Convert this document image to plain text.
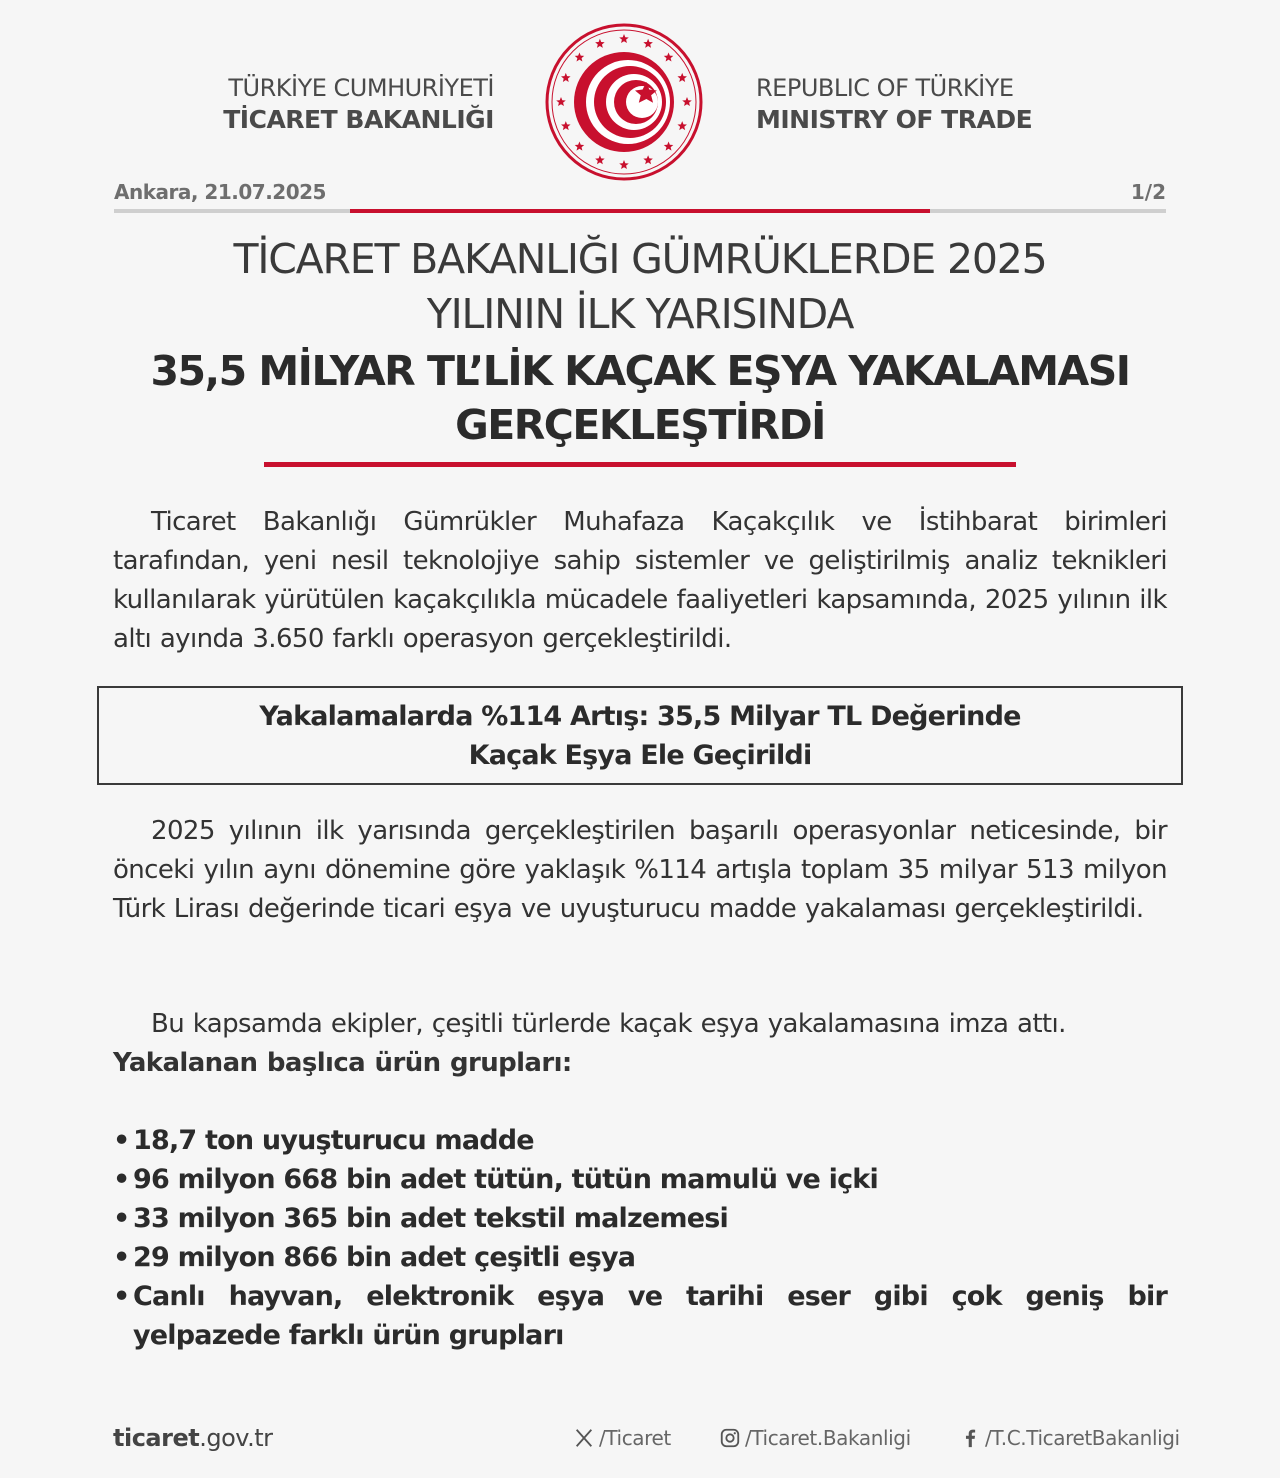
TÜRKİYE CUMHURİYETİ
TİCARET BAKANLIĞI
REPUBLIC OF TÜRKİYE
MINISTRY OF TRADE
Ankara, 21.07.2025	1/2
TİCARET BAKANLIĞI GÜMRÜKLERDE 2025
YILININ İLK YARISINDA
35,5 MİLYAR TL’LİK KAÇAK EŞYA YAKALAMASI
GERÇEKLEŞTİRDİ
Ticaret Bakanlığı Gümrükler Muhafaza Kaçakçılık ve İstihbarat birimleri tarafından, yeni nesil teknolojiye sahip sistemler ve geliştirilmiş analiz teknikleri kullanılarak yürütülen kaçakçılıkla mücadele faaliyetleri kapsamında, 2025 yılının ilk altı ayında 3.650 farklı operasyon gerçekleştirildi.
Yakalamalarda %114 Artış: 35,5 Milyar TL Değerinde
Kaçak Eşya Ele Geçirildi
2025 yılının ilk yarısında gerçekleştirilen başarılı operasyonlar neticesinde, bir önceki yılın aynı dönemine göre yaklaşık %114 artışla toplam 35 milyar 513 milyon Türk Lirası değerinde ticari eşya ve uyuşturucu madde yakalaması gerçekleştirildi.
Bu kapsamda ekipler, çeşitli türlerde kaçak eşya yakalamasına imza attı.
Yakalanan başlıca ürün grupları:
• 18,7 ton uyuşturucu madde
• 96 milyon 668 bin adet tütün, tütün mamulü ve içki
• 33 milyon 365 bin adet tekstil malzemesi
• 29 milyon 866 bin adet çeşitli eşya
• Canlı hayvan, elektronik eşya ve tarihi eser gibi çok geniş bir yelpazede farklı ürün grupları
ticaret.gov.tr	/Ticaret	/Ticaret.Bakanligi	/T.C.TicaretBakanligi
